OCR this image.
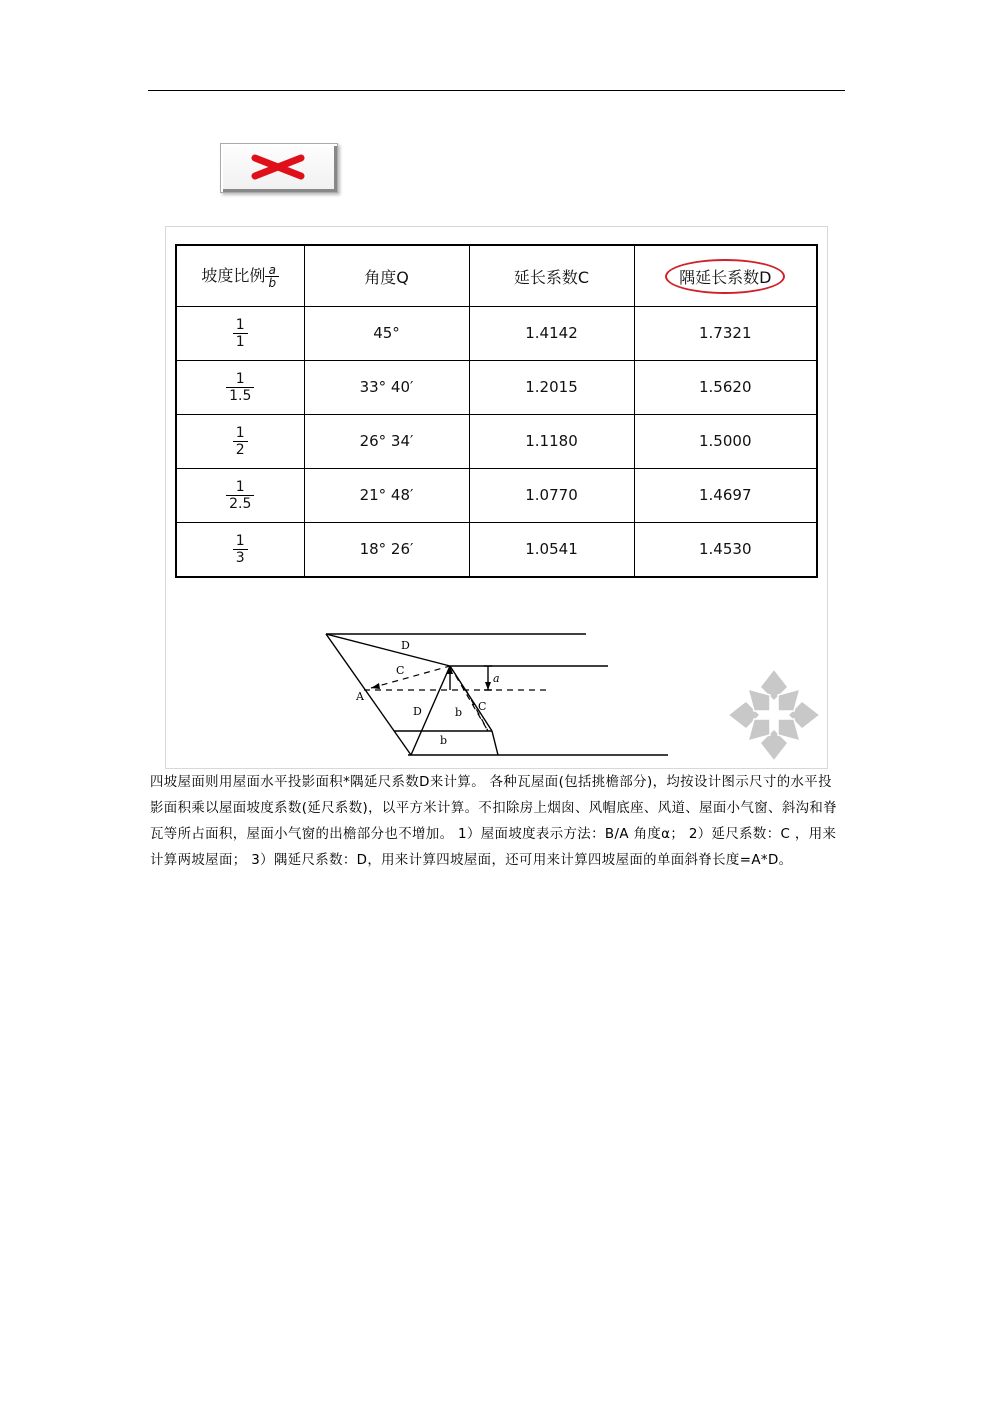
坡度比例 $\frac{a}{b}$	角度Q	延长系数C	隅延长系数D

$\frac{1}{1}$	45°	1.4142	1.7321

$\frac{1}{1.5}$	33° 40′	1.2015	1.5620

$\frac{1}{2}$	26° 34′	1.1180	1.5000

$\frac{1}{2.5}$	21° 48′	1.0770	1.4697

$\frac{1}{3}$	18° 26′	1.0541	1.4530
D
C
a
A
D	b C
b

四坡屋面则用屋面水平投影面积*隅延尺系数D来计算。 各种瓦屋面(包括挑檐部分)，均按设计图示尺寸的水平投影面积乘以屋面坡度系数(延尺系数)，以平方米计算。不扣除房上烟囱、风帽底座、风道、屋面小气窗、斜沟和脊瓦等所占面积，屋面小气窗的出檐部分也不增加。 1）屋面坡度表示方法：B/A 角度α； 2）延尺系数：C ，用来计算两坡屋面； 3）隅延尺系数：D，用来计算四坡屋面，还可用来计算四坡屋面的单面斜脊长度=A*D。
